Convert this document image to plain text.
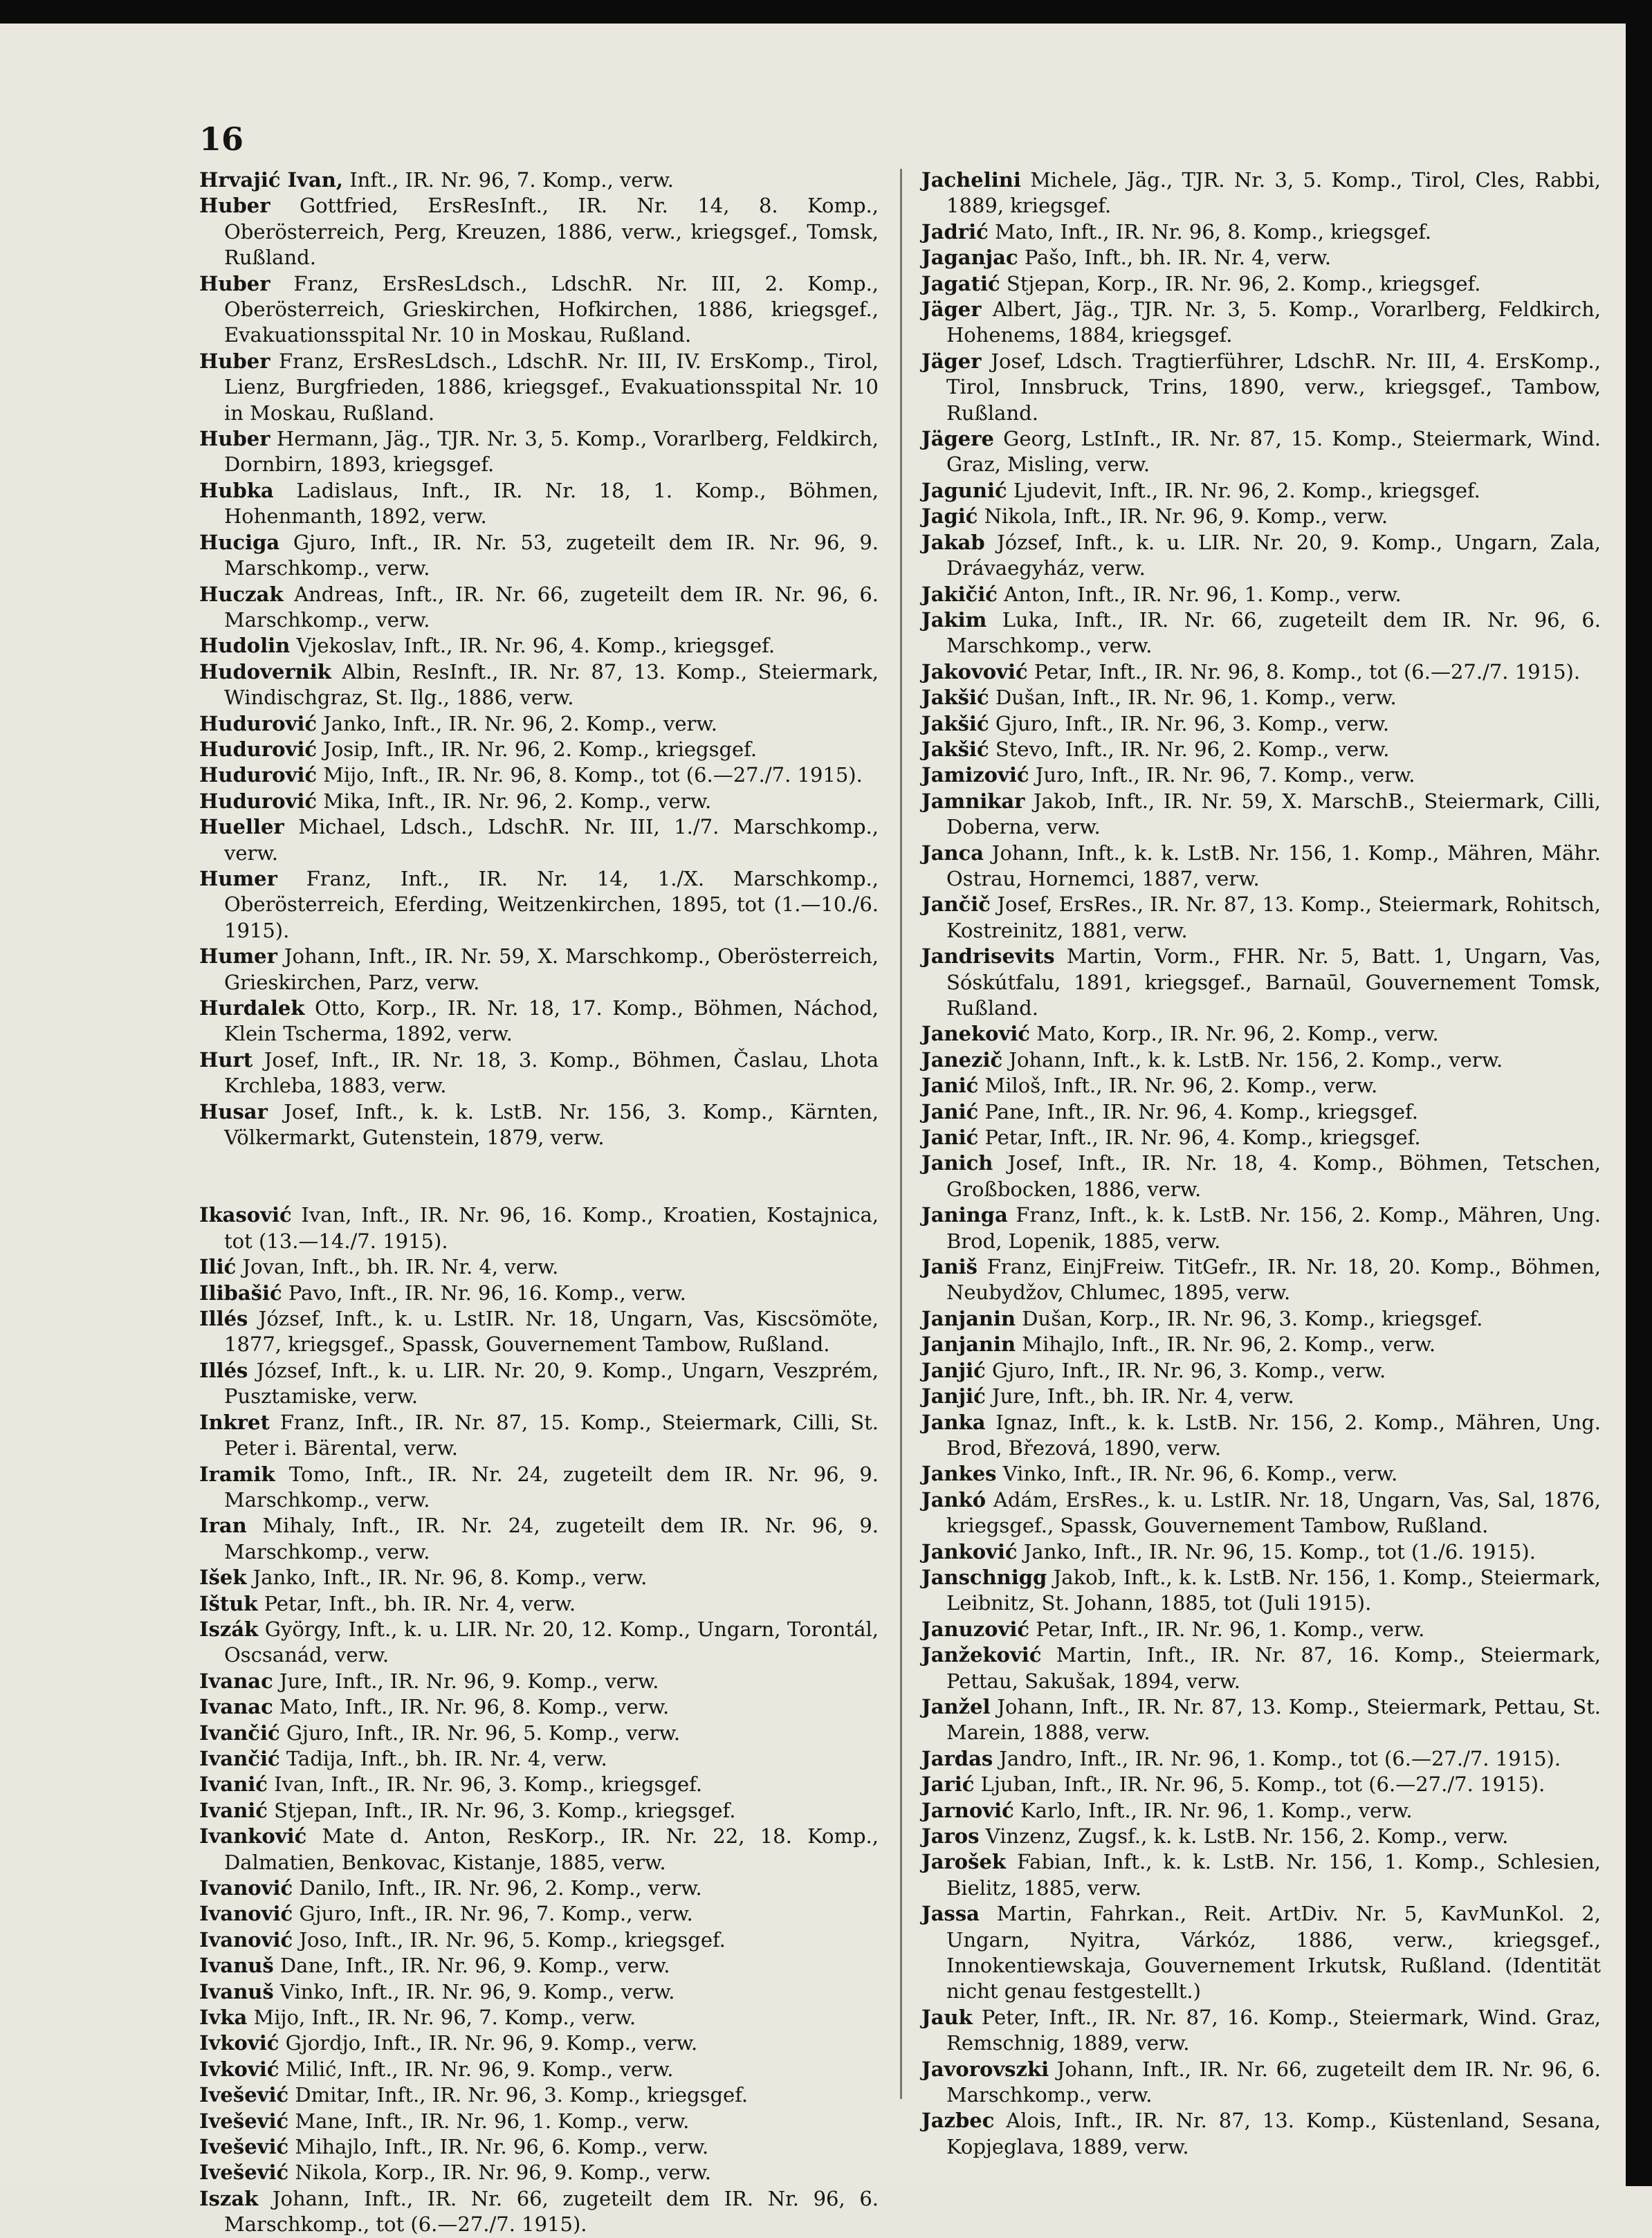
16

Hrvajić Ivan, Inft., IR. Nr. 96, 7. Komp., verw.

Huber Gottfried, ErsResInft., IR. Nr. 14, 8. Komp., Oberösterreich, Perg, Kreuzen, 1886, verw., kriegsgef., Tomsk, Rußland.

Huber Franz, ErsResLdsch., LdschR. Nr. III, 2. Komp., Oberösterreich, Grieskirchen, Hofkirchen, 1886, kriegsgef., Evakuationsspital Nr. 10 in Moskau, Rußland.

Huber Franz, ErsResLdsch., LdschR. Nr. III, IV. ErsKomp., Tirol, Lienz, Burgfrieden, 1886, kriegsgef., Evakuationsspital Nr. 10 in Moskau, Rußland.

Huber Hermann, Jäg., TJR. Nr. 3, 5. Komp., Vorarlberg, Feldkirch, Dornbirn, 1893, kriegsgef.

Hubka Ladislaus, Inft., IR. Nr. 18, 1. Komp., Böhmen, Hohenmanth, 1892, verw.

Huciga Gjuro, Inft., IR. Nr. 53, zugeteilt dem IR. Nr. 96, 9. Marschkomp., verw.

Huczak Andreas, Inft., IR. Nr. 66, zugeteilt dem IR. Nr. 96, 6. Marschkomp., verw.

Hudolin Vjekoslav, Inft., IR. Nr. 96, 4. Komp., kriegsgef.

Hudovernik Albin, ResInft., IR. Nr. 87, 13. Komp., Steiermark, Windischgraz, St. Ilg., 1886, verw.

Hudurović Janko, Inft., IR. Nr. 96, 2. Komp., verw.

Hudurović Josip, Inft., IR. Nr. 96, 2. Komp., kriegsgef.

Hudurović Mijo, Inft., IR. Nr. 96, 8. Komp., tot (6.—27./7. 1915).

Hudurović Mika, Inft., IR. Nr. 96, 2. Komp., verw.

Hueller Michael, Ldsch., LdschR. Nr. III, 1./7. Marschkomp., verw.

Humer Franz, Inft., IR. Nr. 14, 1./X. Marschkomp., Oberösterreich, Eferding, Weitzenkirchen, 1895, tot (1.—10./6. 1915).

Humer Johann, Inft., IR. Nr. 59, X. Marschkomp., Oberösterreich, Grieskirchen, Parz, verw.

Hurdalek Otto, Korp., IR. Nr. 18, 17. Komp., Böhmen, Náchod, Klein Tscherma, 1892, verw.

Hurt Josef, Inft., IR. Nr. 18, 3. Komp., Böhmen, Časlau, Lhota Krchleba, 1883, verw.

Husar Josef, Inft., k. k. LstB. Nr. 156, 3. Komp., Kärnten, Völkermarkt, Gutenstein, 1879, verw.

Ikasović Ivan, Inft., IR. Nr. 96, 16. Komp., Kroatien, Kostajnica, tot (13.—14./7. 1915).

Ilić Jovan, Inft., bh. IR. Nr. 4, verw.

Ilibašić Pavo, Inft., IR. Nr. 96, 16. Komp., verw.

Illés József, Inft., k. u. LstIR. Nr. 18, Ungarn, Vas, Kiscsömöte, 1877, kriegsgef., Spassk, Gouvernement Tambow, Rußland.

Illés József, Inft., k. u. LIR. Nr. 20, 9. Komp., Ungarn, Veszprém, Pusztamiske, verw.

Inkret Franz, Inft., IR. Nr. 87, 15. Komp., Steiermark, Cilli, St. Peter i. Bärental, verw.

Iramik Tomo, Inft., IR. Nr. 24, zugeteilt dem IR. Nr. 96, 9. Marschkomp., verw.

Iran Mihaly, Inft., IR. Nr. 24, zugeteilt dem IR. Nr. 96, 9. Marschkomp., verw.

Išek Janko, Inft., IR. Nr. 96, 8. Komp., verw.

Ištuk Petar, Inft., bh. IR. Nr. 4, verw.

Iszák György, Inft., k. u. LIR. Nr. 20, 12. Komp., Ungarn, Torontál, Oscsanád, verw.

Ivanac Jure, Inft., IR. Nr. 96, 9. Komp., verw.

Ivanac Mato, Inft., IR. Nr. 96, 8. Komp., verw.

Ivančić Gjuro, Inft., IR. Nr. 96, 5. Komp., verw.

Ivančić Tadija, Inft., bh. IR. Nr. 4, verw.

Ivanić Ivan, Inft., IR. Nr. 96, 3. Komp., kriegsgef.

Ivanić Stjepan, Inft., IR. Nr. 96, 3. Komp., kriegsgef.

Ivanković Mate d. Anton, ResKorp., IR. Nr. 22, 18. Komp., Dalmatien, Benkovac, Kistanje, 1885, verw.

Ivanović Danilo, Inft., IR. Nr. 96, 2. Komp., verw.

Ivanović Gjuro, Inft., IR. Nr. 96, 7. Komp., verw.

Ivanović Joso, Inft., IR. Nr. 96, 5. Komp., kriegsgef.

Ivanuš Dane, Inft., IR. Nr. 96, 9. Komp., verw.

Ivanuš Vinko, Inft., IR. Nr. 96, 9. Komp., verw.

Ivka Mijo, Inft., IR. Nr. 96, 7. Komp., verw.

Ivković Gjordjo, Inft., IR. Nr. 96, 9. Komp., verw.

Ivković Milić, Inft., IR. Nr. 96, 9. Komp., verw.

Ivešević Dmitar, Inft., IR. Nr. 96, 3. Komp., kriegsgef.

Ivešević Mane, Inft., IR. Nr. 96, 1. Komp., verw.

Ivešević Mihajlo, Inft., IR. Nr. 96, 6. Komp., verw.

Ivešević Nikola, Korp., IR. Nr. 96, 9. Komp., verw.

Iszak Johann, Inft., IR. Nr. 66, zugeteilt dem IR. Nr. 96, 6. Marschkomp., tot (6.—27./7. 1915).

Jachelini Michele, Jäg., TJR. Nr. 3, 5. Komp., Tirol, Cles, Rabbi, 1889, kriegsgef.

Jadrić Mato, Inft., IR. Nr. 96, 8. Komp., kriegsgef.

Jaganjac Pašo, Inft., bh. IR. Nr. 4, verw.

Jagatić Stjepan, Korp., IR. Nr. 96, 2. Komp., kriegsgef.

Jäger Albert, Jäg., TJR. Nr. 3, 5. Komp., Vorarlberg, Feldkirch, Hohenems, 1884, kriegsgef.

Jäger Josef, Ldsch. Tragtierführer, LdschR. Nr. III, 4. ErsKomp., Tirol, Innsbruck, Trins, 1890, verw., kriegsgef., Tambow, Rußland.

Jägere Georg, LstInft., IR. Nr. 87, 15. Komp., Steiermark, Wind. Graz, Misling, verw.

Jagunić Ljudevit, Inft., IR. Nr. 96, 2. Komp., kriegsgef.

Jagić Nikola, Inft., IR. Nr. 96, 9. Komp., verw.

Jakab József, Inft., k. u. LIR. Nr. 20, 9. Komp., Ungarn, Zala, Drávaegyház, verw.

Jakičić Anton, Inft., IR. Nr. 96, 1. Komp., verw.

Jakim Luka, Inft., IR. Nr. 66, zugeteilt dem IR. Nr. 96, 6. Marschkomp., verw.

Jakovović Petar, Inft., IR. Nr. 96, 8. Komp., tot (6.—27./7. 1915).

Jakšić Dušan, Inft., IR. Nr. 96, 1. Komp., verw.

Jakšić Gjuro, Inft., IR. Nr. 96, 3. Komp., verw.

Jakšić Stevo, Inft., IR. Nr. 96, 2. Komp., verw.

Jamizović Juro, Inft., IR. Nr. 96, 7. Komp., verw.

Jamnikar Jakob, Inft., IR. Nr. 59, X. MarschB., Steiermark, Cilli, Doberna, verw.

Janca Johann, Inft., k. k. LstB. Nr. 156, 1. Komp., Mähren, Mähr. Ostrau, Hornemci, 1887, verw.

Jančič Josef, ErsRes., IR. Nr. 87, 13. Komp., Steiermark, Rohitsch, Kostreinitz, 1881, verw.

Jandrisevits Martin, Vorm., FHR. Nr. 5, Batt. 1, Ungarn, Vas, Sóskútfalu, 1891, kriegsgef., Barnaūl, Gouvernement Tomsk, Rußland.

Janeković Mato, Korp., IR. Nr. 96, 2. Komp., verw.

Janezič Johann, Inft., k. k. LstB. Nr. 156, 2. Komp., verw.

Janić Miloš, Inft., IR. Nr. 96, 2. Komp., verw.

Janić Pane, Inft., IR. Nr. 96, 4. Komp., kriegsgef.

Janić Petar, Inft., IR. Nr. 96, 4. Komp., kriegsgef.

Janich Josef, Inft., IR. Nr. 18, 4. Komp., Böhmen, Tetschen, Großbocken, 1886, verw.

Janinga Franz, Inft., k. k. LstB. Nr. 156, 2. Komp., Mähren, Ung. Brod, Lopenik, 1885, verw.

Janiš Franz, EinjFreiw. TitGefr., IR. Nr. 18, 20. Komp., Böhmen, Neubydžov, Chlumec, 1895, verw.

Janjanin Dušan, Korp., IR. Nr. 96, 3. Komp., kriegsgef.

Janjanin Mihajlo, Inft., IR. Nr. 96, 2. Komp., verw.

Janjić Gjuro, Inft., IR. Nr. 96, 3. Komp., verw.

Janjić Jure, Inft., bh. IR. Nr. 4, verw.

Janka Ignaz, Inft., k. k. LstB. Nr. 156, 2. Komp., Mähren, Ung. Brod, Březová, 1890, verw.

Jankes Vinko, Inft., IR. Nr. 96, 6. Komp., verw.

Jankó Adám, ErsRes., k. u. LstIR. Nr. 18, Ungarn, Vas, Sal, 1876, kriegsgef., Spassk, Gouvernement Tambow, Rußland.

Janković Janko, Inft., IR. Nr. 96, 15. Komp., tot (1./6. 1915).

Janschnigg Jakob, Inft., k. k. LstB. Nr. 156, 1. Komp., Steiermark, Leibnitz, St. Johann, 1885, tot (Juli 1915).

Januzović Petar, Inft., IR. Nr. 96, 1. Komp., verw.

Janžeković Martin, Inft., IR. Nr. 87, 16. Komp., Steiermark, Pettau, Sakušak, 1894, verw.

Janžel Johann, Inft., IR. Nr. 87, 13. Komp., Steiermark, Pettau, St. Marein, 1888, verw.

Jardas Jandro, Inft., IR. Nr. 96, 1. Komp., tot (6.—27./7. 1915).

Jarić Ljuban, Inft., IR. Nr. 96, 5. Komp., tot (6.—27./7. 1915).

Jarnović Karlo, Inft., IR. Nr. 96, 1. Komp., verw.

Jaros Vinzenz, Zugsf., k. k. LstB. Nr. 156, 2. Komp., verw.

Jarošek Fabian, Inft., k. k. LstB. Nr. 156, 1. Komp., Schlesien, Bielitz, 1885, verw.

Jassa Martin, Fahrkan., Reit. ArtDiv. Nr. 5, KavMunKol. 2, Ungarn, Nyitra, Várkóz, 1886, verw., kriegsgef., Innokentiewskaja, Gouvernement Irkutsk, Rußland. (Identität nicht genau festgestellt.)

Jauk Peter, Inft., IR. Nr. 87, 16. Komp., Steiermark, Wind. Graz, Remschnig, 1889, verw.

Javorovszki Johann, Inft., IR. Nr. 66, zugeteilt dem IR. Nr. 96, 6. Marschkomp., verw.

Jazbec Alois, Inft., IR. Nr. 87, 13. Komp., Küstenland, Sesana, Kopjeglava, 1889, verw.
